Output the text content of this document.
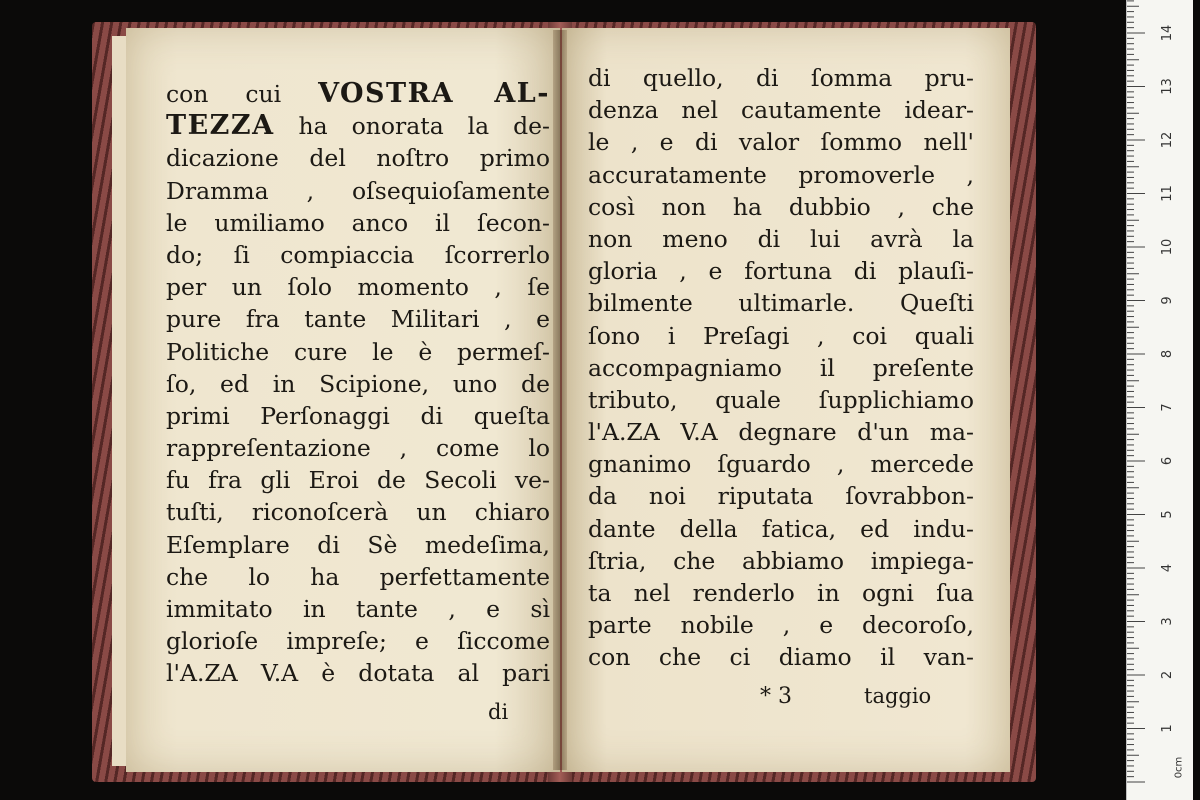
con cui VOSTRA AL-
TEZZA ha onorata la de-
dicazione del noſtro primo
Dramma , oſsequioſamente
le umiliamo anco il ſecon-
do; ſi compiaccia ſcorrerlo
per un ſolo momento , ſe
pure fra tante Militari , e
Politiche cure le è permeſ-
ſo, ed in Scipione, uno de
primi Perſonaggi di queſta
rappreſentazione , come lo
fu fra gli Eroi de Secoli ve-
tuſti, riconoſcerà un chiaro
Eſemplare di Sè medeſima,
che lo ha perfettamente
immitato in tante , e sì
glorioſe impreſe; e ſiccome
l'A.ZA V.A è dotata al pari
di
di quello, di ſomma pru-
denza nel cautamente idear-
le , e di valor ſommo nell'
accuratamente promoverle ,
così non ha dubbio , che
non meno di lui avrà la
gloria , e fortuna di plauſi-
bilmente ultimarle. Queſti
ſono i Preſagi , coi quali
accompagniamo il preſente
tributo, quale ſupplichiamo
l'A.ZA V.A degnare d'un ma-
gnanimo ſguardo , mercede
da noi riputata ſovrabbon-
dante della fatica, ed indu-
ſtria, che abbiamo impiega-
ta nel renderlo in ogni ſua
parte nobile , e decoroſo,
con che ci diamo il van-
* 3	taggio
1
2
3
4
5
6
7
8
9
10
11
12
13
14
0cm
